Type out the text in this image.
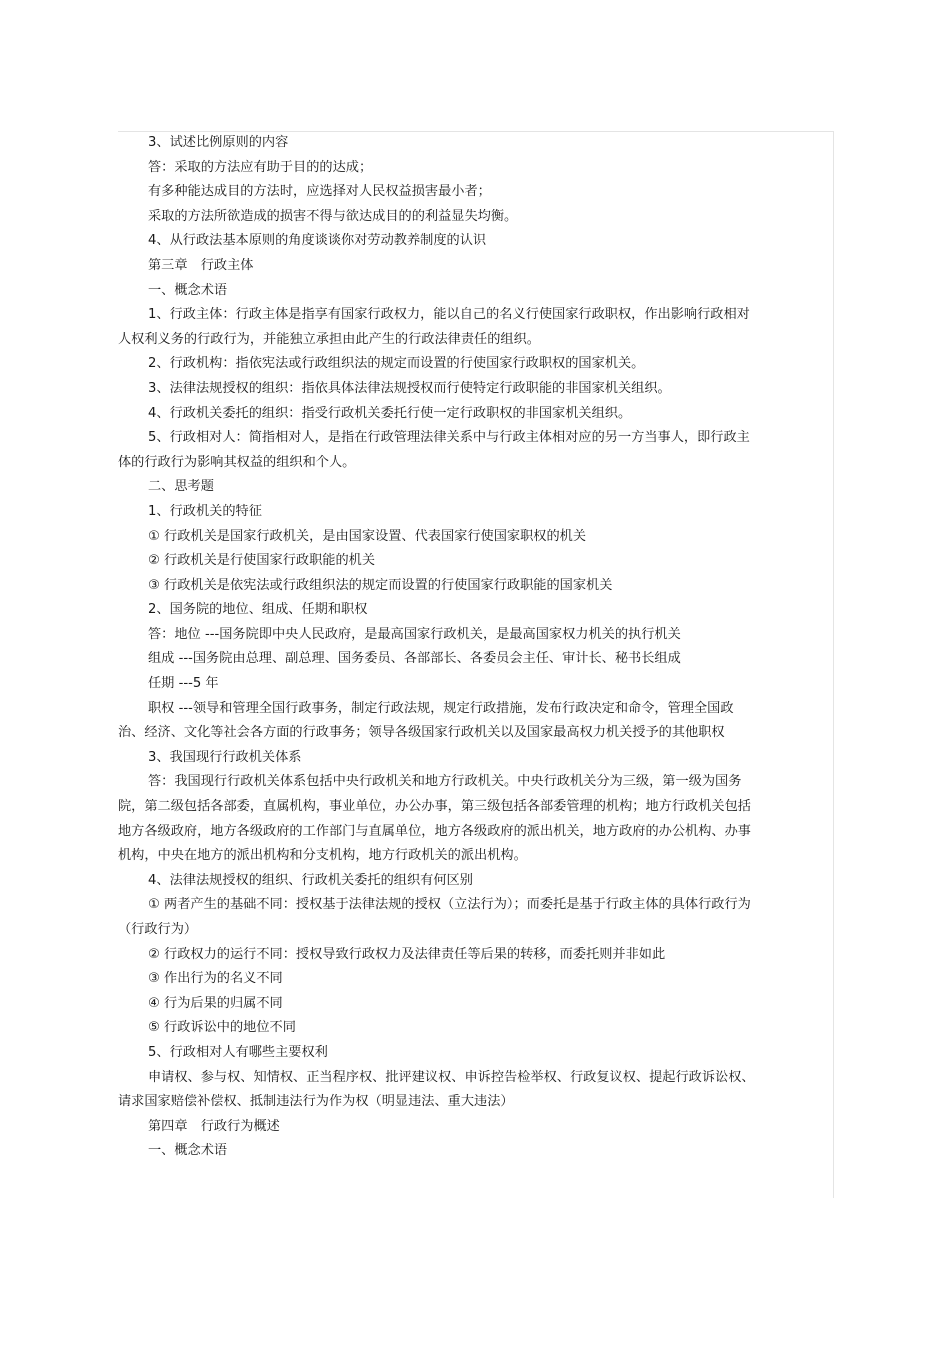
3、试述比例原则的内容

答：采取的方法应有助于目的的达成；

有多种能达成目的方法时，应选择对人民权益损害最小者；

采取的方法所欲造成的损害不得与欲达成目的的利益显失均衡。

4、从行政法基本原则的角度谈谈你对劳动教养制度的认识

第三章　行政主体

一、概念术语

1、行政主体：行政主体是指享有国家行政权力，能以自己的名义行使国家行政职权，作出影响行政相对人权利义务的行政行为，并能独立承担由此产生的行政法律责任的组织。

2、行政机构：指依宪法或行政组织法的规定而设置的行使国家行政职权的国家机关。

3、法律法规授权的组织：指依具体法律法规授权而行使特定行政职能的非国家机关组织。

4、行政机关委托的组织：指受行政机关委托行使一定行政职权的非国家机关组织。

5、行政相对人：简指相对人，是指在行政管理法律关系中与行政主体相对应的另一方当事人，即行政主体的行政行为影响其权益的组织和个人。

二、思考题

1、行政机关的特征

① 行政机关是国家行政机关，是由国家设置、代表国家行使国家职权的机关

② 行政机关是行使国家行政职能的机关

③ 行政机关是依宪法或行政组织法的规定而设置的行使国家行政职能的国家机关

2、国务院的地位、组成、任期和职权

答：地位 ---国务院即中央人民政府，是最高国家行政机关，是最高国家权力机关的执行机关

组成 ---国务院由总理、副总理、国务委员、各部部长、各委员会主任、审计长、秘书长组成

任期 ---5 年

职权 ---领导和管理全国行政事务，制定行政法规，规定行政措施，发布行政决定和命令，管理全国政治、经济、文化等社会各方面的行政事务；领导各级国家行政机关以及国家最高权力机关授予的其他职权

3、我国现行行政机关体系

答：我国现行行政机关体系包括中央行政机关和地方行政机关。中央行政机关分为三级，第一级为国务院，第二级包括各部委，直属机构，事业单位，办公办事，第三级包括各部委管理的机构；地方行政机关包括地方各级政府，地方各级政府的工作部门与直属单位，地方各级政府的派出机关，地方政府的办公机构、办事机构，中央在地方的派出机构和分支机构，地方行政机关的派出机构。

4、法律法规授权的组织、行政机关委托的组织有何区别

① 两者产生的基础不同：授权基于法律法规的授权（立法行为）；而委托是基于行政主体的具体行政行为（行政行为）

② 行政权力的运行不同：授权导致行政权力及法律责任等后果的转移，而委托则并非如此

③ 作出行为的名义不同

④ 行为后果的归属不同

⑤ 行政诉讼中的地位不同

5、行政相对人有哪些主要权利

申请权、参与权、知情权、正当程序权、批评建议权、申诉控告检举权、行政复议权、提起行政诉讼权、请求国家赔偿补偿权、抵制违法行为作为权（明显违法、重大违法）

第四章　行政行为概述

一、概念术语
